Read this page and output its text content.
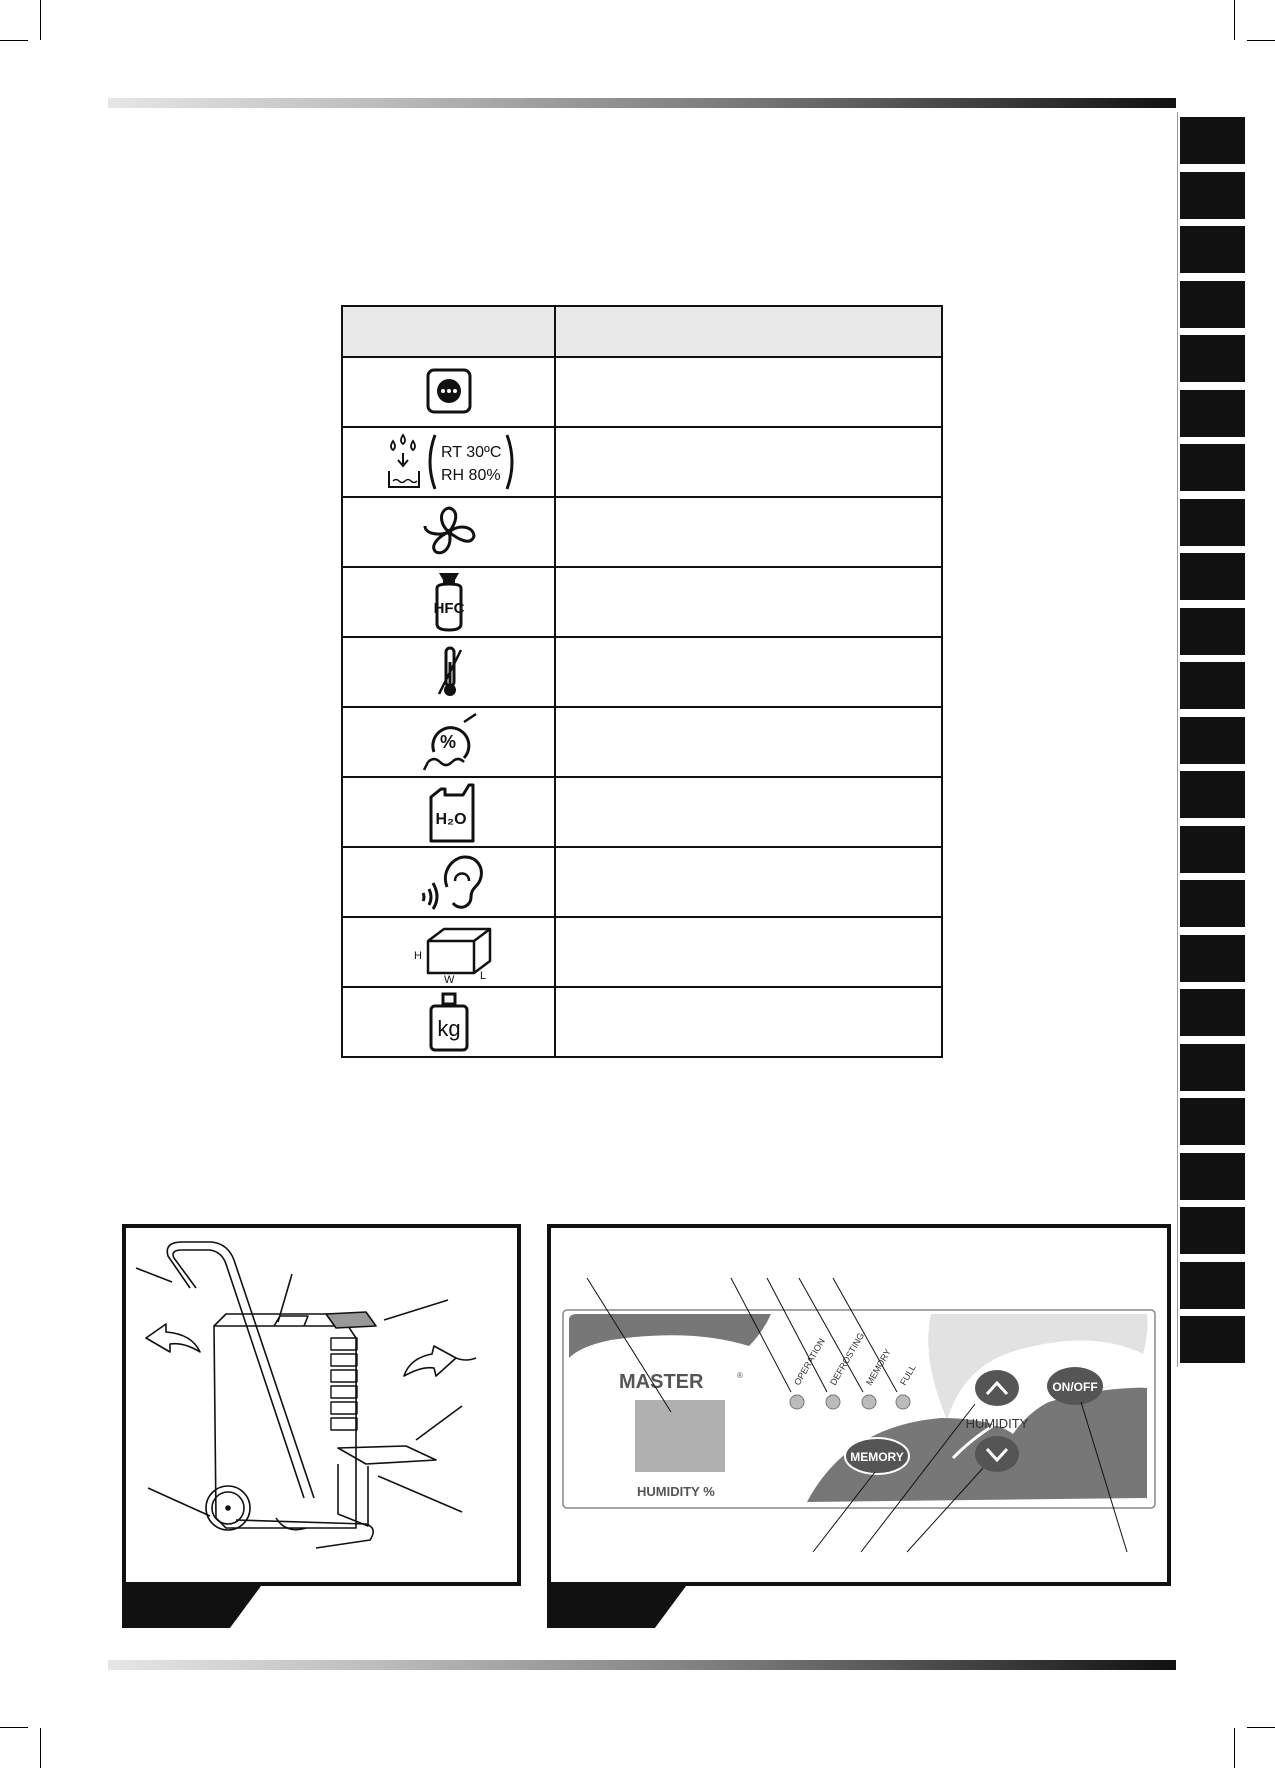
RT 30ºC
RH 80%	

HFC	

%	

H₂O	

H
W L	

kg	

MASTER	®
HUMIDITY %
OPERATION DEFROSTING
MEMORY FULL
MEMORY
HUMIDITY
ON/OFF
